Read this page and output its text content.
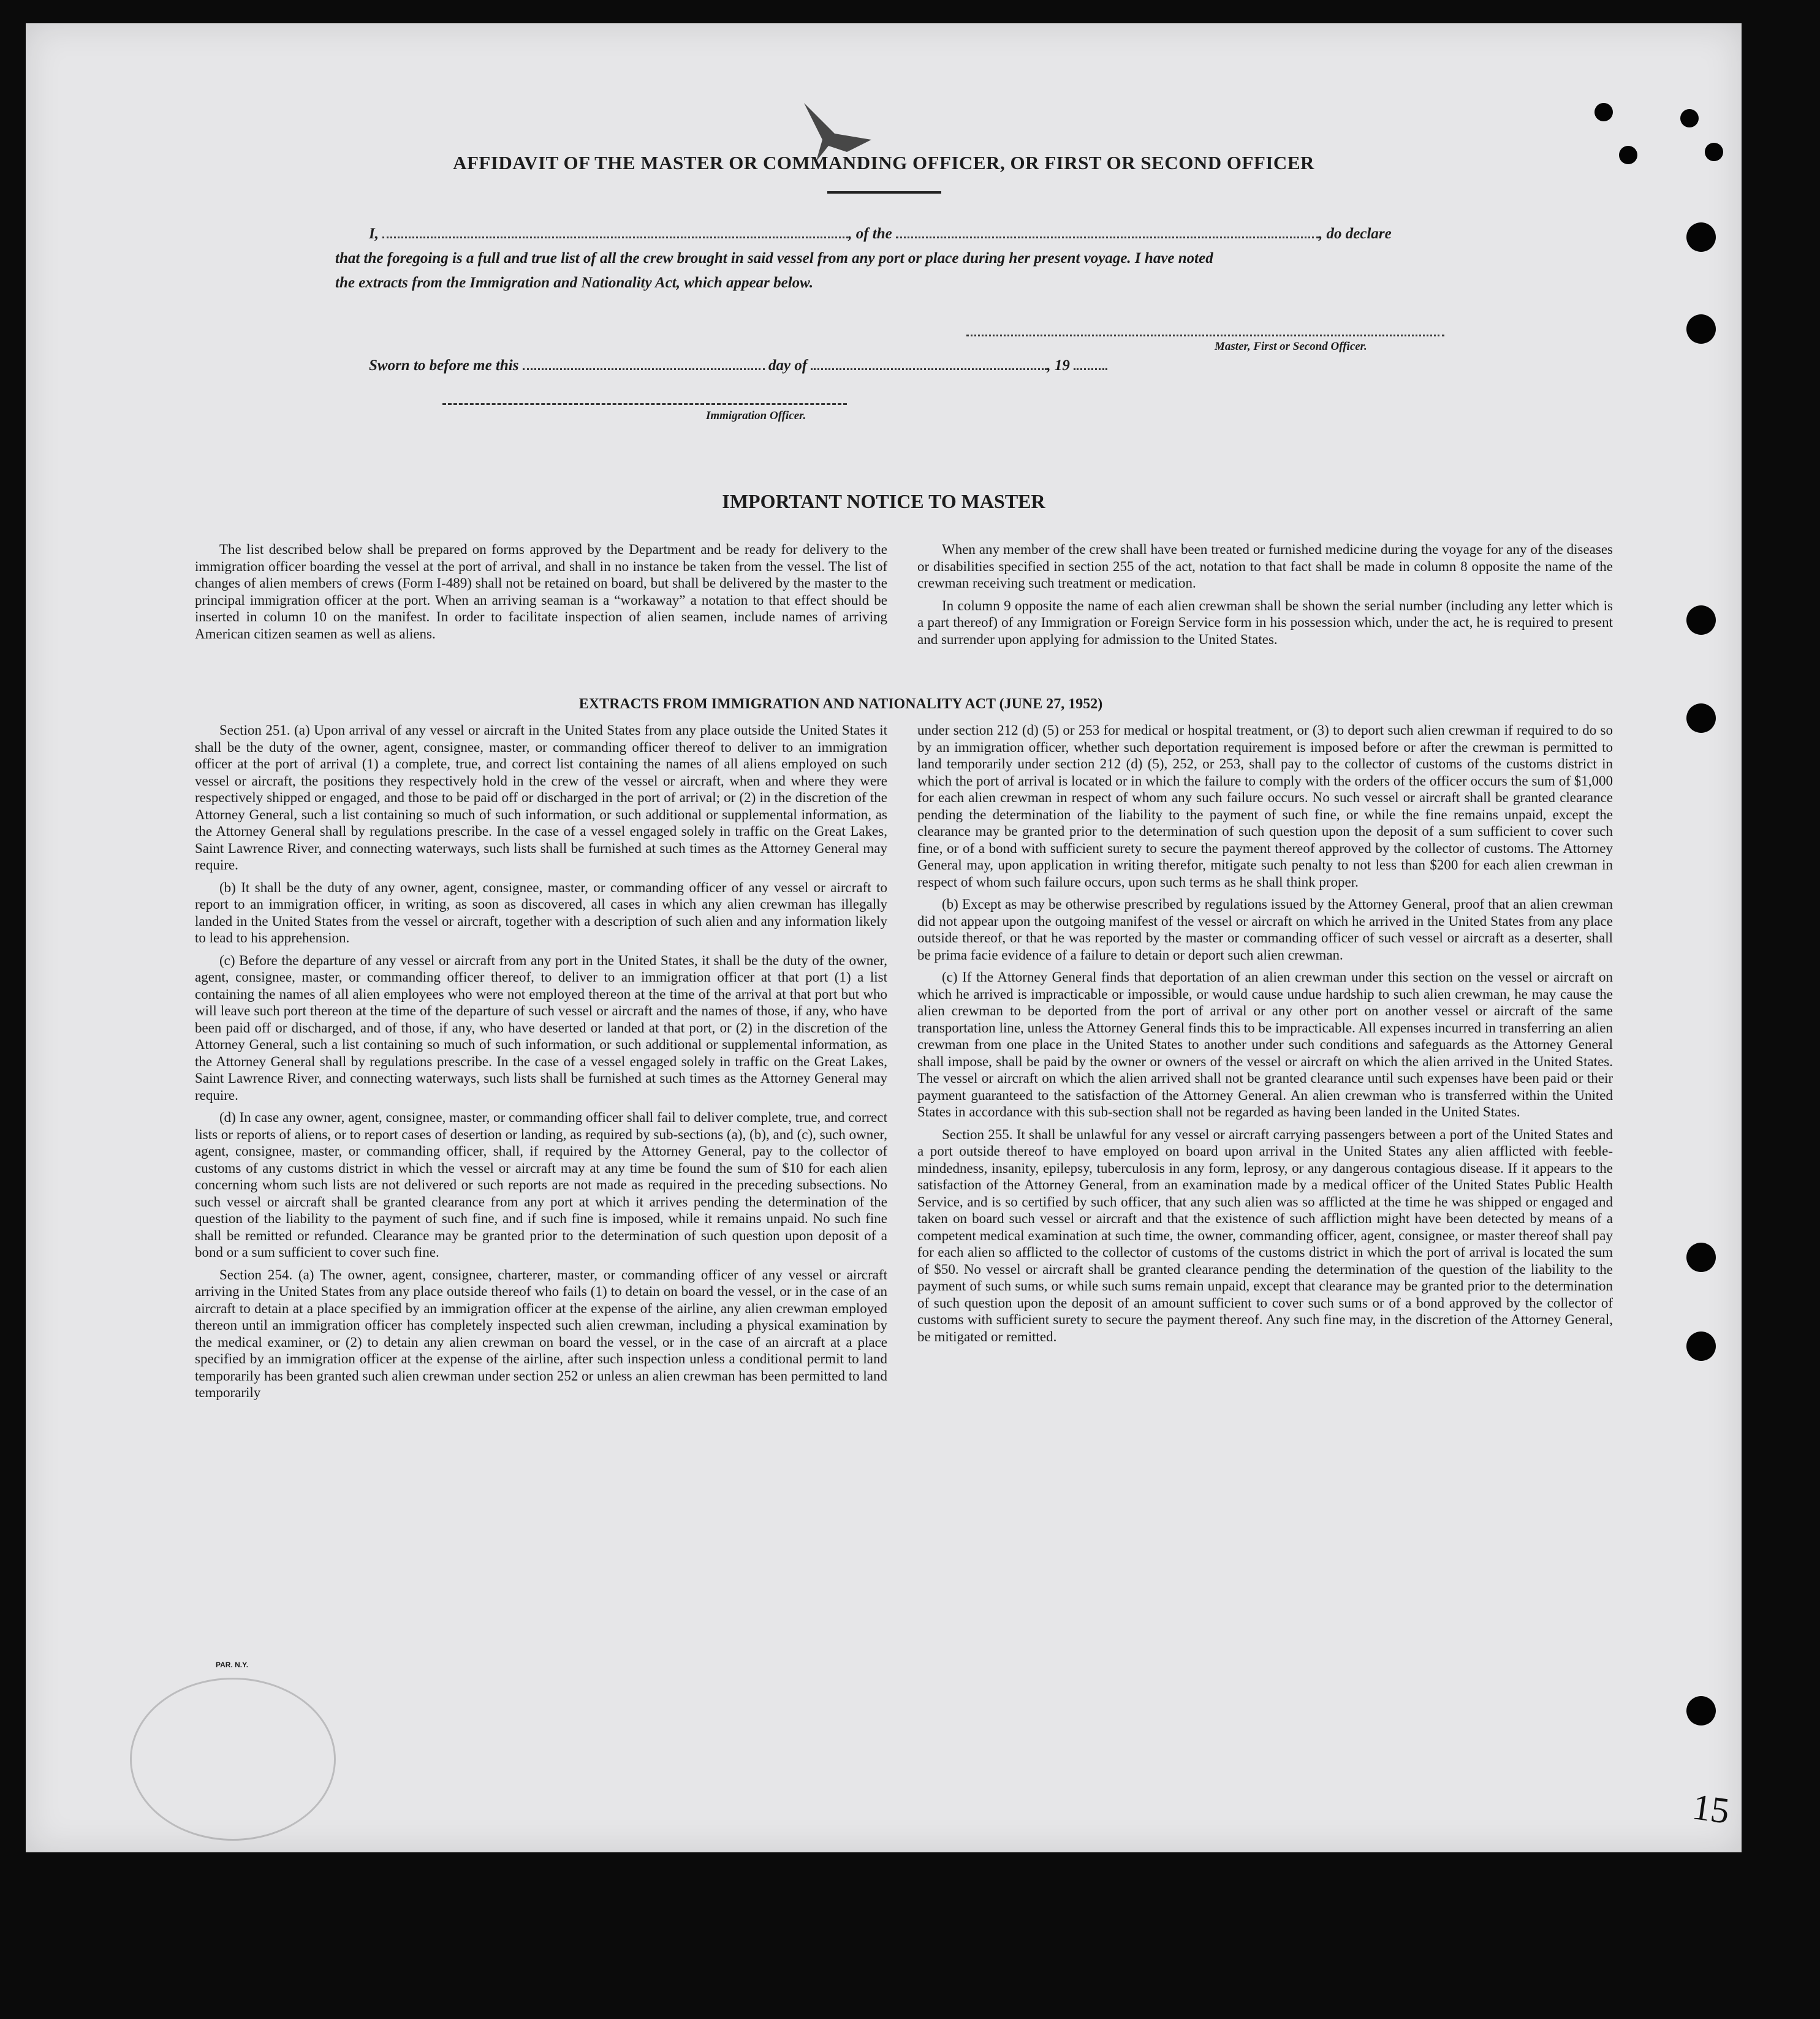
AFFIDAVIT OF THE MASTER OR COMMANDING OFFICER, OR FIRST OR SECOND OFFICER
I,	, of the	, do declare
that the foregoing is a full and true list of all the crew brought in said vessel from any port or place during her present voyage. I have noted
the extracts from the Immigration and Nationality Act, which appear below.
Master, First or Second Officer.
Sworn to before me this	day of	, 19
Immigration Officer.
IMPORTANT NOTICE TO MASTER

The list described below shall be prepared on forms approved by the Department and be ready for delivery to the immigration officer boarding the vessel at the port of arrival, and shall in no instance be taken from the vessel. The list of changes of alien members of crews (Form I-489) shall not be retained on board, but shall be delivered by the master to the principal immigration officer at the port. When an arriving seaman is a “workaway” a notation to that effect should be inserted in column 10 on the manifest. In order to facilitate inspection of alien seamen, include names of arriving American citizen seamen as well as aliens.

When any member of the crew shall have been treated or furnished medicine during the voyage for any of the diseases or disabilities specified in section 255 of the act, notation to that fact shall be made in column 8 opposite the name of the crewman receiving such treatment or medication.

In column 9 opposite the name of each alien crewman shall be shown the serial number (including any letter which is a part thereof) of any Immigration or Foreign Service form in his possession which, under the act, he is required to present and surrender upon applying for admission to the United States.

EXTRACTS FROM IMMIGRATION AND NATIONALITY ACT (JUNE 27, 1952)

Section 251. (a) Upon arrival of any vessel or aircraft in the United States from any place outside the United States it shall be the duty of the owner, agent, consignee, master, or commanding officer thereof to deliver to an immigration officer at the port of arrival (1) a complete, true, and correct list containing the names of all aliens employed on such vessel or aircraft, the positions they respectively hold in the crew of the vessel or aircraft, when and where they were respectively shipped or engaged, and those to be paid off or discharged in the port of arrival; or (2) in the discretion of the Attorney General, such a list containing so much of such information, or such additional or supplemental information, as the Attorney General shall by regulations prescribe. In the case of a vessel engaged solely in traffic on the Great Lakes, Saint Lawrence River, and connecting waterways, such lists shall be furnished at such times as the Attorney General may require.

(b) It shall be the duty of any owner, agent, consignee, master, or commanding officer of any vessel or aircraft to report to an immigration officer, in writing, as soon as discovered, all cases in which any alien crewman has illegally landed in the United States from the vessel or aircraft, together with a description of such alien and any information likely to lead to his apprehension.

(c) Before the departure of any vessel or aircraft from any port in the United States, it shall be the duty of the owner, agent, consignee, master, or commanding officer thereof, to deliver to an immigration officer at that port (1) a list containing the names of all alien employees who were not employed thereon at the time of the arrival at that port but who will leave such port thereon at the time of the departure of such vessel or aircraft and the names of those, if any, who have been paid off or discharged, and of those, if any, who have deserted or landed at that port, or (2) in the discretion of the Attorney General, such a list containing so much of such information, or such additional or supplemental information, as the Attorney General shall by regulations prescribe. In the case of a vessel engaged solely in traffic on the Great Lakes, Saint Lawrence River, and connecting waterways, such lists shall be furnished at such times as the Attorney General may require.

(d) In case any owner, agent, consignee, master, or commanding officer shall fail to deliver complete, true, and correct lists or reports of aliens, or to report cases of desertion or landing, as required by sub-sections (a), (b), and (c), such owner, agent, consignee, master, or commanding officer, shall, if required by the Attorney General, pay to the collector of customs of any customs district in which the vessel or aircraft may at any time be found the sum of $10 for each alien concerning whom such lists are not delivered or such reports are not made as required in the preceding subsections. No such vessel or aircraft shall be granted clearance from any port at which it arrives pending the determination of the question of the liability to the payment of such fine, and if such fine is imposed, while it remains unpaid. No such fine shall be remitted or refunded. Clearance may be granted prior to the determination of such question upon deposit of a bond or a sum sufficient to cover such fine.

Section 254. (a) The owner, agent, consignee, charterer, master, or commanding officer of any vessel or aircraft arriving in the United States from any place outside thereof who fails (1) to detain on board the vessel, or in the case of an aircraft to detain at a place specified by an immigration officer at the expense of the airline, any alien crewman employed thereon until an immigration officer has completely inspected such alien crewman, including a physical examination by the medical examiner, or (2) to detain any alien crewman on board the vessel, or in the case of an aircraft at a place specified by an immigration officer at the expense of the airline, after such inspection unless a conditional permit to land temporarily has been granted such alien crewman under section 252 or unless an alien crewman has been permitted to land temporarily

under section 212 (d) (5) or 253 for medical or hospital treatment, or (3) to deport such alien crewman if required to do so by an immigration officer, whether such deportation requirement is imposed before or after the crewman is permitted to land temporarily under section 212 (d) (5), 252, or 253, shall pay to the collector of customs of the customs district in which the port of arrival is located or in which the failure to comply with the orders of the officer occurs the sum of $1,000 for each alien crewman in respect of whom any such failure occurs. No such vessel or aircraft shall be granted clearance pending the determination of the liability to the payment of such fine, or while the fine remains unpaid, except the clearance may be granted prior to the determination of such question upon the deposit of a sum sufficient to cover such fine, or of a bond with sufficient surety to secure the payment thereof approved by the collector of customs. The Attorney General may, upon application in writing therefor, mitigate such penalty to not less than $200 for each alien crewman in respect of whom such failure occurs, upon such terms as he shall think proper.

(b) Except as may be otherwise prescribed by regulations issued by the Attorney General, proof that an alien crewman did not appear upon the outgoing manifest of the vessel or aircraft on which he arrived in the United States from any place outside thereof, or that he was reported by the master or commanding officer of such vessel or aircraft as a deserter, shall be prima facie evidence of a failure to detain or deport such alien crewman.

(c) If the Attorney General finds that deportation of an alien crewman under this section on the vessel or aircraft on which he arrived is impracticable or impossible, or would cause undue hardship to such alien crewman, he may cause the alien crewman to be deported from the port of arrival or any other port on another vessel or aircraft of the same transportation line, unless the Attorney General finds this to be impracticable. All expenses incurred in transferring an alien crewman from one place in the United States to another under such conditions and safeguards as the Attorney General shall impose, shall be paid by the owner or owners of the vessel or aircraft on which the alien arrived in the United States. The vessel or aircraft on which the alien arrived shall not be granted clearance until such expenses have been paid or their payment guaranteed to the satisfaction of the Attorney General. An alien crewman who is transferred within the United States in accordance with this sub-section shall not be regarded as having been landed in the United States.

Section 255. It shall be unlawful for any vessel or aircraft carrying passengers between a port of the United States and a port outside thereof to have employed on board upon arrival in the United States any alien afflicted with feeble-mindedness, insanity, epilepsy, tuberculosis in any form, leprosy, or any dangerous contagious disease. If it appears to the satisfaction of the Attorney General, from an examination made by a medical officer of the United States Public Health Service, and is so certified by such officer, that any such alien was so afflicted at the time he was shipped or engaged and taken on board such vessel or aircraft and that the existence of such affliction might have been detected by means of a competent medical examination at such time, the owner, commanding officer, agent, consignee, or master thereof shall pay for each alien so afflicted to the collector of customs of the customs district in which the port of arrival is located the sum of $50. No vessel or aircraft shall be granted clearance pending the determination of the question of the liability to the payment of such sums, or while such sums remain unpaid, except that clearance may be granted prior to the determination of such question upon the deposit of an amount sufficient to cover such sums or of a bond approved by the collector of customs with sufficient surety to secure the payment thereof. Any such fine may, in the discretion of the Attorney General, be mitigated or remitted.

PAR. N.Y.
15
